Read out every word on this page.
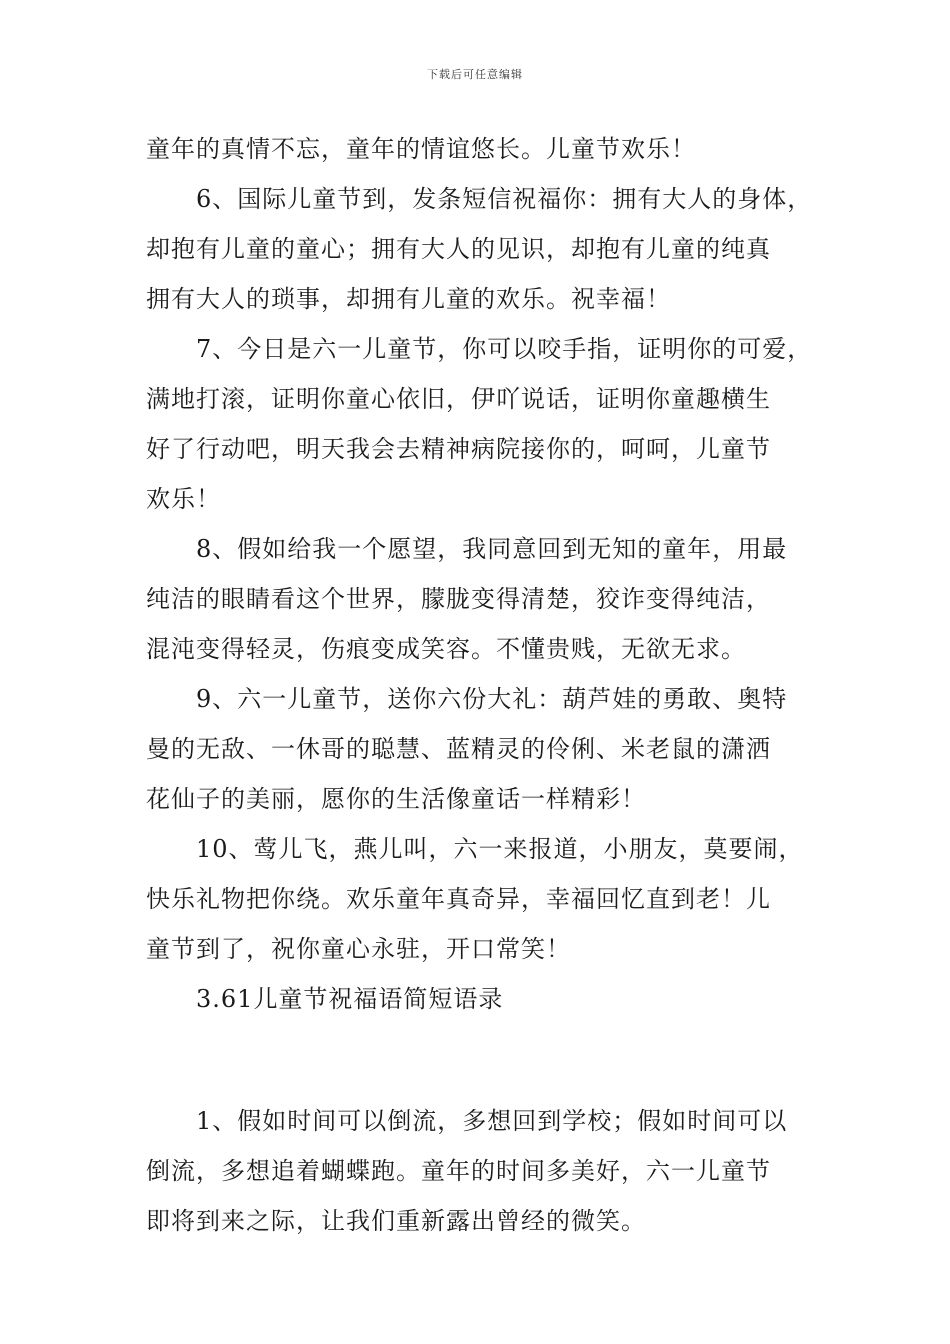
下载后可任意编辑
童年的真情不忘，童年的情谊悠长。儿童节欢乐！
6、国际儿童节到，发条短信祝福你：拥有大人的身体，
却抱有儿童的童心；拥有大人的见识，却抱有儿童的纯真
拥有大人的琐事，却拥有儿童的欢乐。祝幸福！
7、今日是六一儿童节，你可以咬手指，证明你的可爱，
满地打滚，证明你童心依旧，伊吖说话，证明你童趣横生
好了行动吧，明天我会去精神病院接你的，呵呵，儿童节
欢乐！
8、假如给我一个愿望，我同意回到无知的童年，用最
纯洁的眼睛看这个世界，朦胧变得清楚，狡诈变得纯洁，
混沌变得轻灵，伤痕变成笑容。不懂贵贱，无欲无求。
9、六一儿童节，送你六份大礼：葫芦娃的勇敢、奥特
曼的无敌、一休哥的聪慧、蓝精灵的伶俐、米老鼠的潇洒
花仙子的美丽，愿你的生活像童话一样精彩！
10、莺儿飞，燕儿叫，六一来报道，小朋友，莫要闹，
快乐礼物把你绕。欢乐童年真奇异，幸福回忆直到老！儿
童节到了，祝你童心永驻，开口常笑！
3.61儿童节祝福语简短语录
1、假如时间可以倒流，多想回到学校；假如时间可以
倒流，多想追着蝴蝶跑。童年的时间多美好，六一儿童节
即将到来之际，让我们重新露出曾经的微笑。
